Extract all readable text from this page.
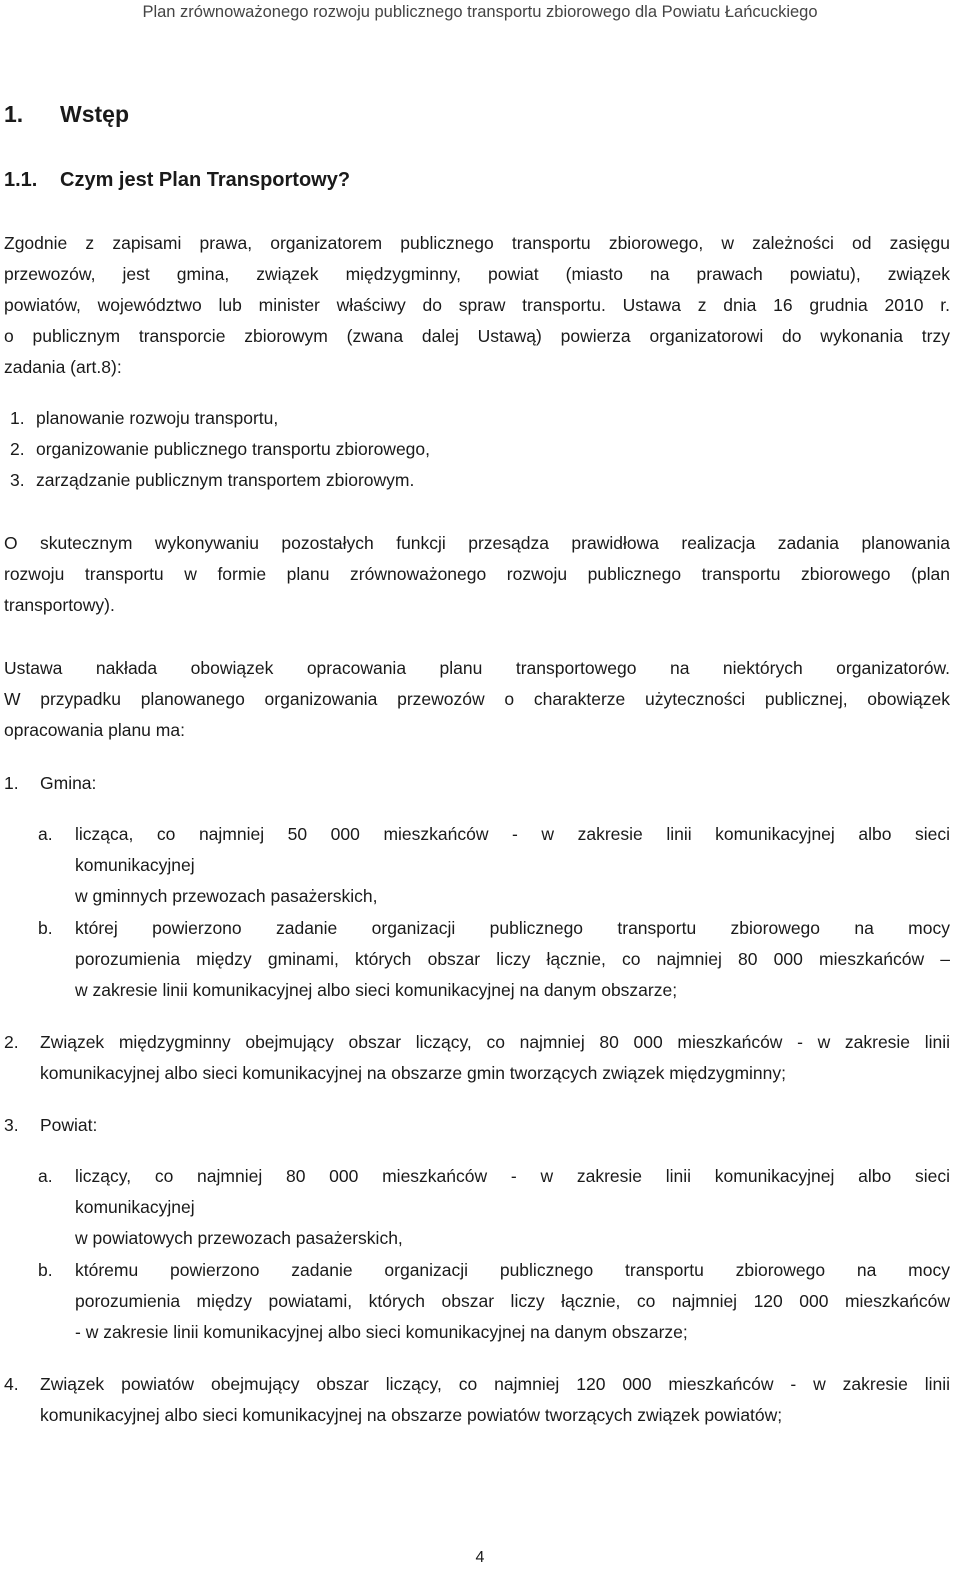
Plan zrównoważonego rozwoju publicznego transportu zbiorowego dla Powiatu Łańcuckiego
1. Wstęp
1.1. Czym jest Plan Transportowy?

Zgodnie z zapisami prawa, organizatorem publicznego transportu zbiorowego, w zależności od zasięgu
przewozów, jest gmina, związek międzygminny, powiat (miasto na prawach powiatu), związek
powiatów, województwo lub minister właściwy do spraw transportu. Ustawa z dnia 16 grudnia 2010 r.
o publicznym transporcie zbiorowym (zwana dalej Ustawą) powierza organizatorowi do wykonania trzy
zadania (art.8):

1. planowanie rozwoju transportu,
2. organizowanie publicznego transportu zbiorowego,
3. zarządzanie publicznym transportem zbiorowym.

O skutecznym wykonywaniu pozostałych funkcji przesądza prawidłowa realizacja zadania planowania
rozwoju transportu w formie planu zrównoważonego rozwoju publicznego transportu zbiorowego (plan
transportowy).

Ustawa nakłada obowiązek opracowania planu transportowego na niektórych organizatorów.
W przypadku planowanego organizowania przewozów o charakterze użyteczności publicznej, obowiązek
opracowania planu ma:

1. Gmina:
a. licząca, co najmniej 50 000 mieszkańców - w zakresie linii komunikacyjnej albo sieci
komunikacyjnej
w gminnych przewozach pasażerskich,
b. której powierzono zadanie organizacji publicznego transportu zbiorowego na mocy
porozumienia między gminami, których obszar liczy łącznie, co najmniej 80 000 mieszkańców –
w zakresie linii komunikacyjnej albo sieci komunikacyjnej na danym obszarze;
2. Związek międzygminny obejmujący obszar liczący, co najmniej 80 000 mieszkańców - w zakresie linii
komunikacyjnej albo sieci komunikacyjnej na obszarze gmin tworzących związek międzygminny;
3. Powiat:
a. liczący, co najmniej 80 000 mieszkańców - w zakresie linii komunikacyjnej albo sieci
komunikacyjnej
w powiatowych przewozach pasażerskich,
b. któremu powierzono zadanie organizacji publicznego transportu zbiorowego na mocy
porozumienia między powiatami, których obszar liczy łącznie, co najmniej 120 000 mieszkańców
- w zakresie linii komunikacyjnej albo sieci komunikacyjnej na danym obszarze;
4. Związek powiatów obejmujący obszar liczący, co najmniej 120 000 mieszkańców - w zakresie linii
komunikacyjnej albo sieci komunikacyjnej na obszarze powiatów tworzących związek powiatów;
4
